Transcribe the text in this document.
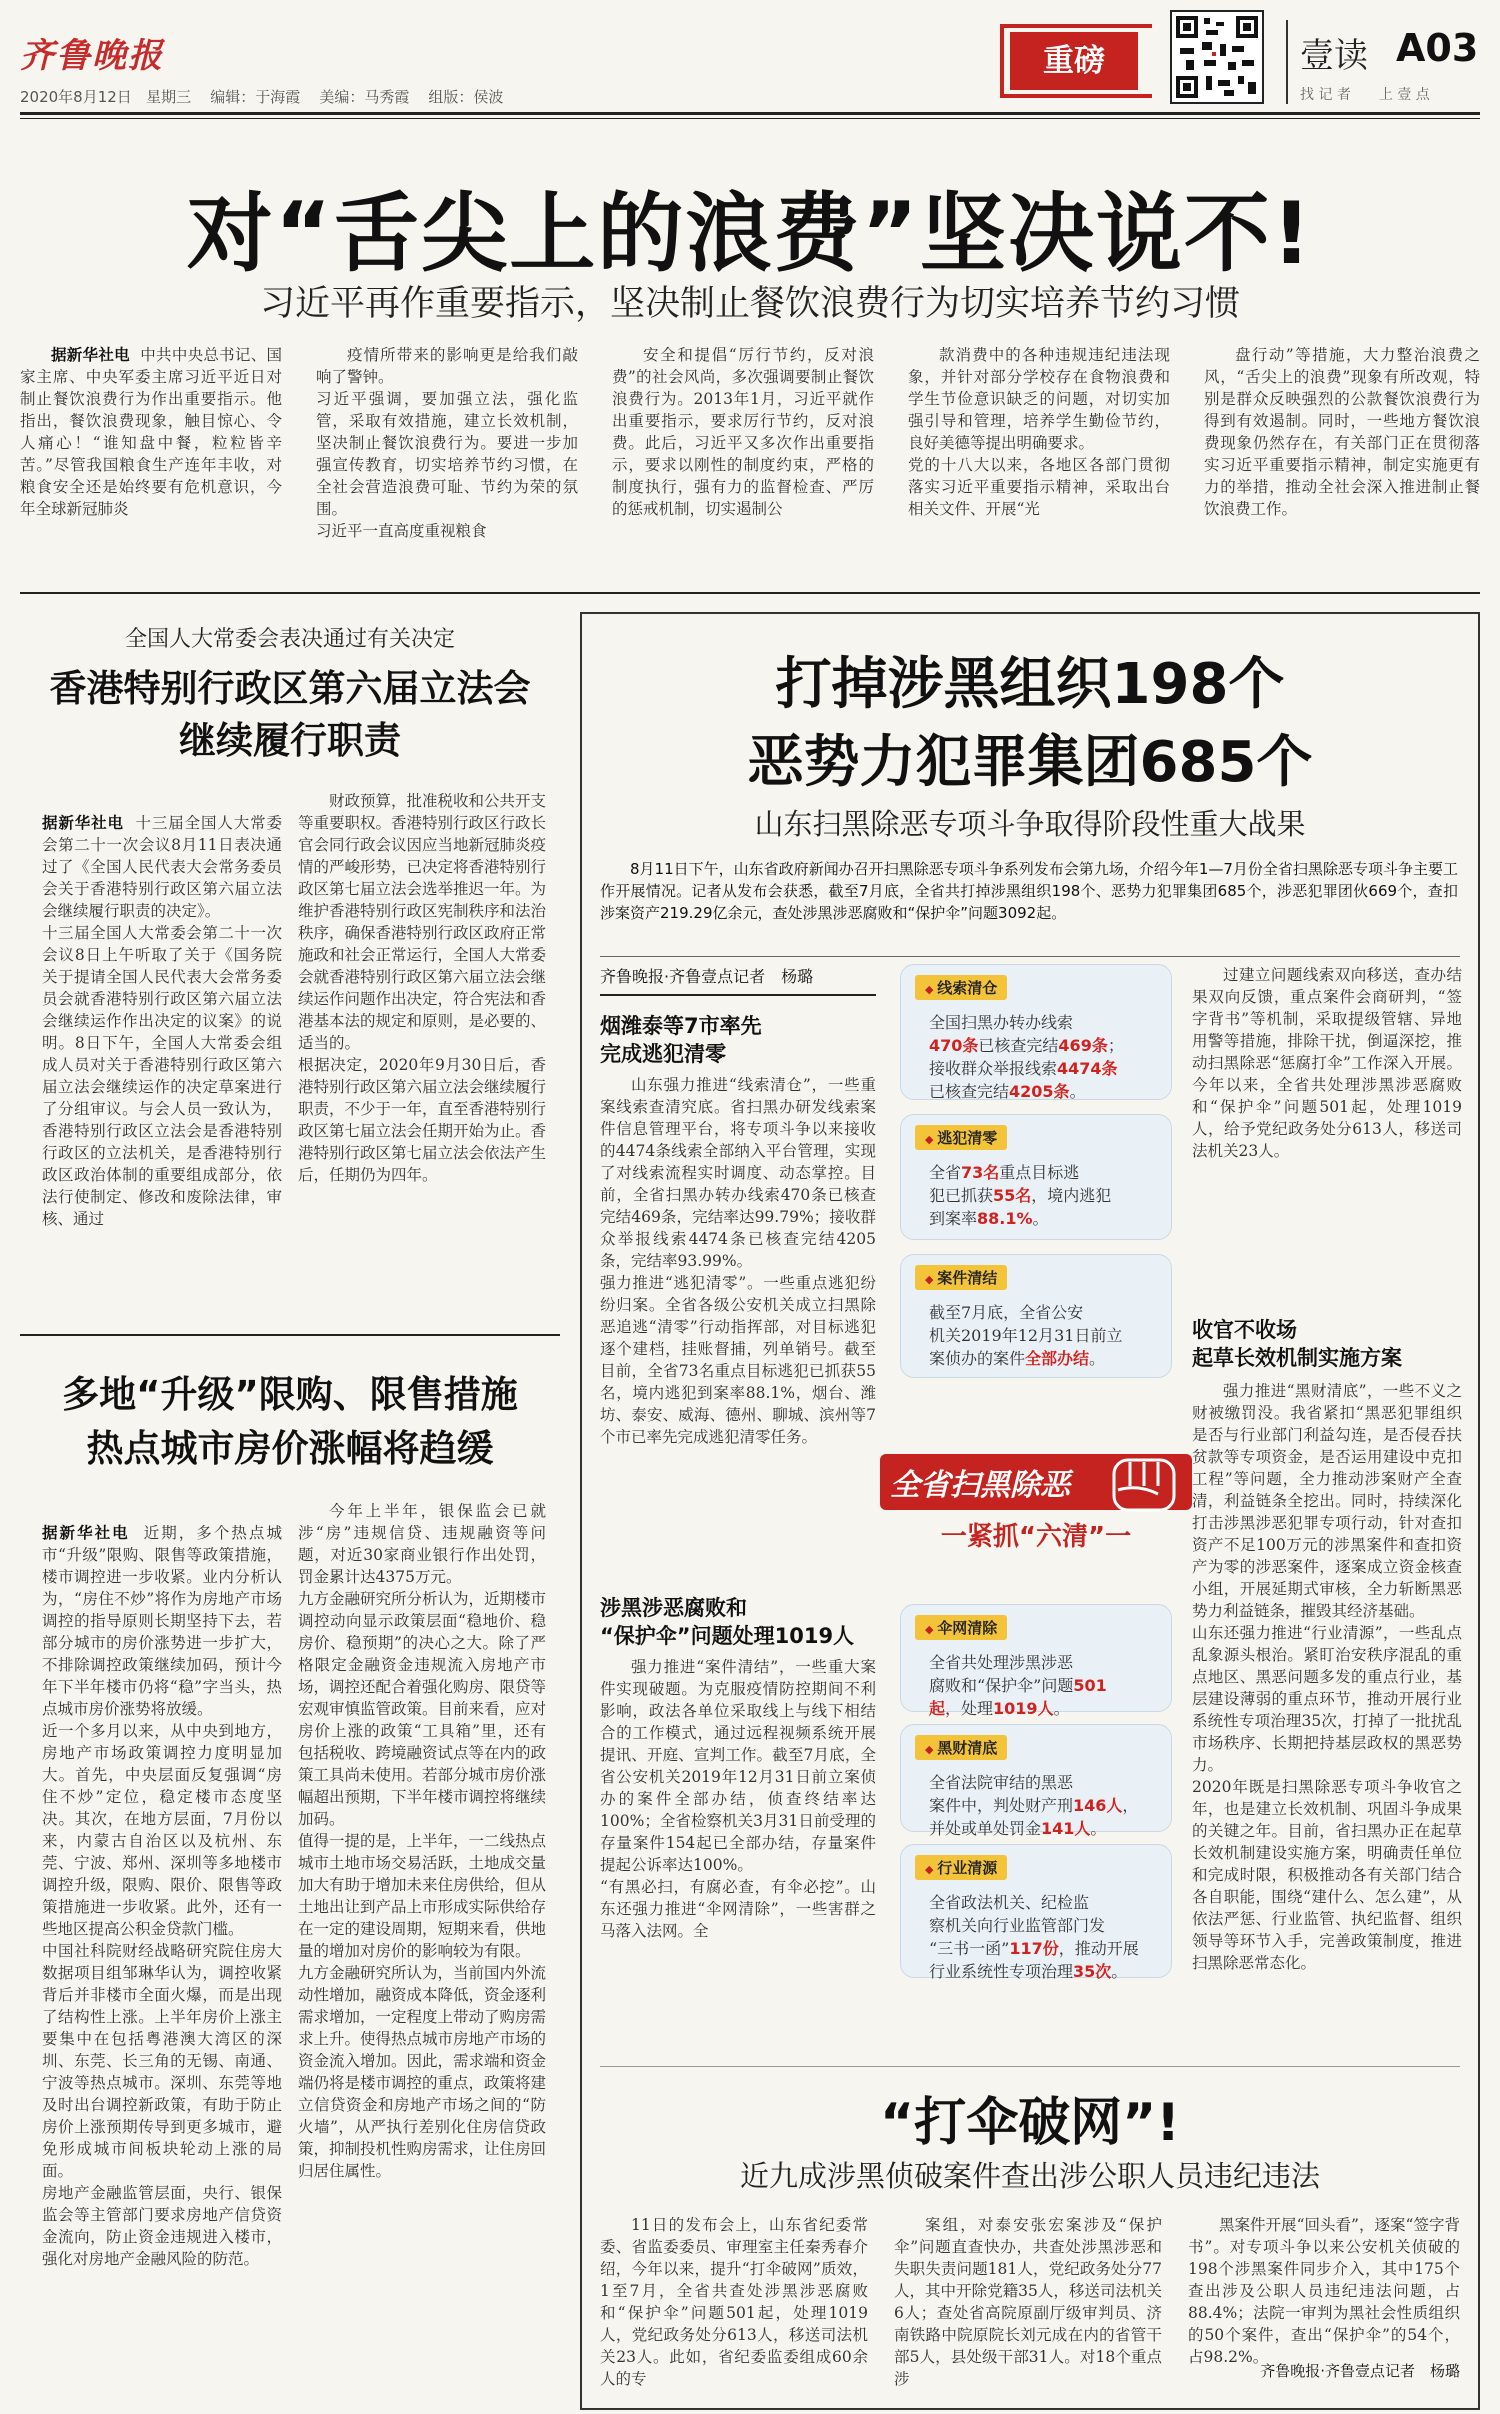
齐鲁晚报
2020年8月12日 星期三 编辑：于海霞 美编：马秀霞 组版：侯波
重磅	壹读 A03
找 记 者　　上 壹 点
对“舌尖上的浪费”坚决说不!
习近平再作重要指示，坚决制止餐饮浪费行为切实培养节约习惯
据新华社电 中共中央总书记、国家主席、中央军委主席习近平近日对制止餐饮浪费行为作出重要指示。他指出，餐饮浪费现象，触目惊心、令人痛心！“谁知盘中餐，粒粒皆辛苦。”尽管我国粮食生产连年丰收，对粮食安全还是始终要有危机意识，今年全球新冠肺炎
疫情所带来的影响更是给我们敲响了警钟。
习近平强调，要加强立法，强化监管，采取有效措施，建立长效机制，坚决制止餐饮浪费行为。要进一步加强宣传教育，切实培养节约习惯，在全社会营造浪费可耻、节约为荣的氛围。
习近平一直高度重视粮食
安全和提倡“厉行节约，反对浪费”的社会风尚，多次强调要制止餐饮浪费行为。2013年1月，习近平就作出重要指示，要求厉行节约，反对浪费。此后，习近平又多次作出重要指示，要求以刚性的制度约束，严格的制度执行，强有力的监督检查、严厉的惩戒机制，切实遏制公
款消费中的各种违规违纪违法现象，并针对部分学校存在食物浪费和学生节俭意识缺乏的问题，对切实加强引导和管理，培养学生勤俭节约，良好美德等提出明确要求。
党的十八大以来，各地区各部门贯彻落实习近平重要指示精神，采取出台相关文件、开展“光
盘行动”等措施，大力整治浪费之风，“舌尖上的浪费”现象有所改观，特别是群众反映强烈的公款餐饮浪费行为得到有效遏制。同时，一些地方餐饮浪费现象仍然存在，有关部门正在贯彻落实习近平重要指示精神，制定实施更有力的举措，推动全社会深入推进制止餐饮浪费工作。
全国人大常委会表决通过有关决定
香港特别行政区第六届立法会
继续履行职责

据新华社电 十三届全国人大常委会第二十一次会议8月11日表决通过了《全国人民代表大会常务委员会关于香港特别行政区第六届立法会继续履行职责的决定》。
十三届全国人大常委会第二十一次会议8日上午听取了关于《国务院关于提请全国人民代表大会常务委员会就香港特别行政区第六届立法会继续运作作出决定的议案》的说明。8日下午，全国人大常委会组成人员对关于香港特别行政区第六届立法会继续运作的决定草案进行了分组审议。与会人员一致认为，香港特别行政区立法会是香港特别行政区的立法机关，是香港特别行政区政治体制的重要组成部分，依法行使制定、修改和废除法律，审核、通过

财政预算，批准税收和公共开支等重要职权。香港特别行政区行政长官会同行政会议因应当地新冠肺炎疫情的严峻形势，已决定将香港特别行政区第七届立法会选举推迟一年。为维护香港特别行政区宪制秩序和法治秩序，确保香港特别行政区政府正常施政和社会正常运行，全国人大常委会就香港特别行政区第六届立法会继续运作问题作出决定，符合宪法和香港基本法的规定和原则，是必要的、适当的。
根据决定，2020年9月30日后，香港特别行政区第六届立法会继续履行职责，不少于一年，直至香港特别行政区第七届立法会任期开始为止。香港特别行政区第七届立法会依法产生后，任期仍为四年。
多地“升级”限购、限售措施
热点城市房价涨幅将趋缓

据新华社电 近期，多个热点城市“升级”限购、限售等政策措施，楼市调控进一步收紧。业内分析认为，“房住不炒”将作为房地产市场调控的指导原则长期坚持下去，若部分城市的房价涨势进一步扩大，不排除调控政策继续加码，预计今年下半年楼市仍将“稳”字当头，热点城市房价涨势将放缓。
近一个多月以来，从中央到地方，房地产市场政策调控力度明显加大。首先，中央层面反复强调“房住不炒”定位，稳定楼市态度坚决。其次，在地方层面，7月份以来，内蒙古自治区以及杭州、东莞、宁波、郑州、深圳等多地楼市调控升级，限购、限价、限售等政策措施进一步收紧。此外，还有一些地区提高公积金贷款门槛。
中国社科院财经战略研究院住房大数据项目组邹琳华认为，调控收紧背后并非楼市全面火爆，而是出现了结构性上涨。上半年房价上涨主要集中在包括粤港澳大湾区的深圳、东莞、长三角的无锡、南通、宁波等热点城市。深圳、东莞等地及时出台调控新政策，有助于防止房价上涨预期传导到更多城市，避免形成城市间板块轮动上涨的局面。
房地产金融监管层面，央行、银保监会等主管部门要求房地产信贷资金流向，防止资金违规进入楼市，强化对房地产金融风险的防范。

今年上半年，银保监会已就涉“房”违规信贷、违规融资等问题，对近30家商业银行作出处罚，罚金累计达4375万元。
九方金融研究所分析认为，近期楼市调控动向显示政策层面“稳地价、稳房价、稳预期”的决心之大。除了严格限定金融资金违规流入房地产市场，调控还配合着强化购房、限贷等宏观审慎监管政策。目前来看，应对房价上涨的政策“工具箱”里，还有包括税收、跨境融资试点等在内的政策工具尚未使用。若部分城市房价涨幅超出预期，下半年楼市调控将继续加码。
值得一提的是，上半年，一二线热点城市土地市场交易活跃，土地成交量加大有助于增加未来住房供给，但从土地出让到产品上市形成实际供给存在一定的建设周期，短期来看，供地量的增加对房价的影响较为有限。
九方金融研究所认为，当前国内外流动性增加，融资成本降低，资金逐利需求增加，一定程度上带动了购房需求上升。使得热点城市房地产市场的资金流入增加。因此，需求端和资金端仍将是楼市调控的重点，政策将建立信贷资金和房地产市场之间的“防火墙”，从严执行差别化住房信贷政策，抑制投机性购房需求，让住房回归居住属性。
打掉涉黑组织198个
恶势力犯罪集团685个
山东扫黑除恶专项斗争取得阶段性重大战果
8月11日下午，山东省政府新闻办召开扫黑除恶专项斗争系列发布会第九场，介绍今年1—7月份全省扫黑除恶专项斗争主要工作开展情况。记者从发布会获悉，截至7月底，全省共打掉涉黑组织198个、恶势力犯罪集团685个，涉恶犯罪团伙669个，查扣涉案资产219.29亿余元，查处涉黑涉恶腐败和“保护伞”问题3092起。
齐鲁晚报·齐鲁壹点记者　杨璐
烟潍泰等7市率先
完成逃犯清零
山东强力推进“线索清仓”，一些重案线索查清究底。省扫黑办研发线索案件信息管理平台，将专项斗争以来接收的4474条线索全部纳入平台管理，实现了对线索流程实时调度、动态掌控。目前，全省扫黑办转办线索470条已核查完结469条，完结率达99.79%；接收群众举报线索4474条已核查完结4205条，完结率93.99%。
强力推进“逃犯清零”。一些重点逃犯纷纷归案。全省各级公安机关成立扫黑除恶追逃“清零”行动指挥部，对目标逃犯逐个建档，挂账督捕，列单销号。截至目前，全省73名重点目标逃犯已抓获55名，境内逃犯到案率88.1%，烟台、潍坊、泰安、威海、德州、聊城、滨州等7个市已率先完成逃犯清零任务。
涉黑涉恶腐败和
“保护伞”问题处理1019人
强力推进“案件清结”，一些重大案件实现破题。为克服疫情防控期间不利影响，政法各单位采取线上与线下相结合的工作模式，通过远程视频系统开展提讯、开庭、宣判工作。截至7月底，全省公安机关2019年12月31日前立案侦办的案件全部办结，侦查终结率达100%；全省检察机关3月31日前受理的存量案件154起已全部办结，存量案件提起公诉率达100%。
“有黑必扫，有腐必查，有伞必挖”。山东还强力推进“伞网清除”，一些害群之马落入法网。全
◆ 线索清仓
全国扫黑办转办线索
470条已核查完结469条；
接收群众举报线索4474条
已核查完结4205条。
◆ 逃犯清零
全省73名重点目标逃
犯已抓获55名，境内逃犯
到案率88.1%。
◆ 案件清结
截至7月底，全省公安
机关2019年12月31日前立
案侦办的案件全部办结。
◆ 伞网清除
全省共处理涉黑涉恶
腐败和“保护伞”问题501
起，处理1019人。
◆ 黑财清底
全省法院审结的黑恶
案件中，判处财产刑146人，
并处或单处罚金141人。
◆ 行业清源
全省政法机关、纪检监
察机关向行业监管部门发
“三书一函”117份，推动开展
行业系统性专项治理35次。
全省扫黑除恶
一紧抓“六清”一
过建立问题线索双向移送，查办结果双向反馈，重点案件会商研判，“签字背书”等机制，采取提级管辖、异地用警等措施，排除干扰，倒逼深挖，推动扫黑除恶“惩腐打伞”工作深入开展。今年以来，全省共处理涉黑涉恶腐败和“保护伞”问题501起，处理1019人，给予党纪政务处分613人，移送司法机关23人。
收官不收场
起草长效机制实施方案
强力推进“黑财清底”，一些不义之财被缴罚没。我省紧扣“黑恶犯罪组织是否与行业部门利益勾连，是否侵吞扶贫款等专项资金，是否运用建设中克扣工程”等问题，全力推动涉案财产全查清，利益链条全挖出。同时，持续深化打击涉黑涉恶犯罪专项行动，针对查扣资产不足100万元的涉黑案件和查扣资产为零的涉恶案件，逐案成立资金核查小组，开展延期式审核，全力斩断黑恶势力利益链条，摧毁其经济基础。
山东还强力推进“行业清源”，一些乱点乱象源头根治。紧盯治安秩序混乱的重点地区、黑恶问题多发的重点行业，基层建设薄弱的重点环节，推动开展行业系统性专项治理35次，打掉了一批扰乱市场秩序、长期把持基层政权的黑恶势力。
2020年既是扫黑除恶专项斗争收官之年，也是建立长效机制、巩固斗争成果的关键之年。目前，省扫黑办正在起草长效机制建设实施方案，明确责任单位和完成时限，积极推动各有关部门结合各自职能，围绕“建什么、怎么建”，从依法严惩、行业监管、执纪监督、组织领导等环节入手，完善政策制度，推进扫黑除恶常态化。
“打伞破网”!
近九成涉黑侦破案件查出涉公职人员违纪违法
11日的发布会上，山东省纪委常委、省监委委员、审理室主任秦秀春介绍，今年以来，提升“打伞破网”质效，1至7月，全省共查处涉黑涉恶腐败和“保护伞”问题501起，处理1019人，党纪政务处分613人，移送司法机关23人。此如，省纪委监委组成60余人的专
案组，对泰安张宏案涉及“保护伞”问题直查快办，共查处涉黑涉恶和失职失责问题181人，党纪政务处分77人，其中开除党籍35人，移送司法机关6人；查处省高院原副厅级审判员、济南铁路中院原院长刘元成在内的省管干部5人，县处级干部31人。对18个重点涉
黑案件开展“回头看”，逐案“签字背书”。对专项斗争以来公安机关侦破的198个涉黑案件同步介入，其中175个查出涉及公职人员违纪违法问题，占88.4%；法院一审判为黑社会性质组织的50个案件，查出“保护伞”的54个，占98.2%。
齐鲁晚报·齐鲁壹点记者　杨璐
